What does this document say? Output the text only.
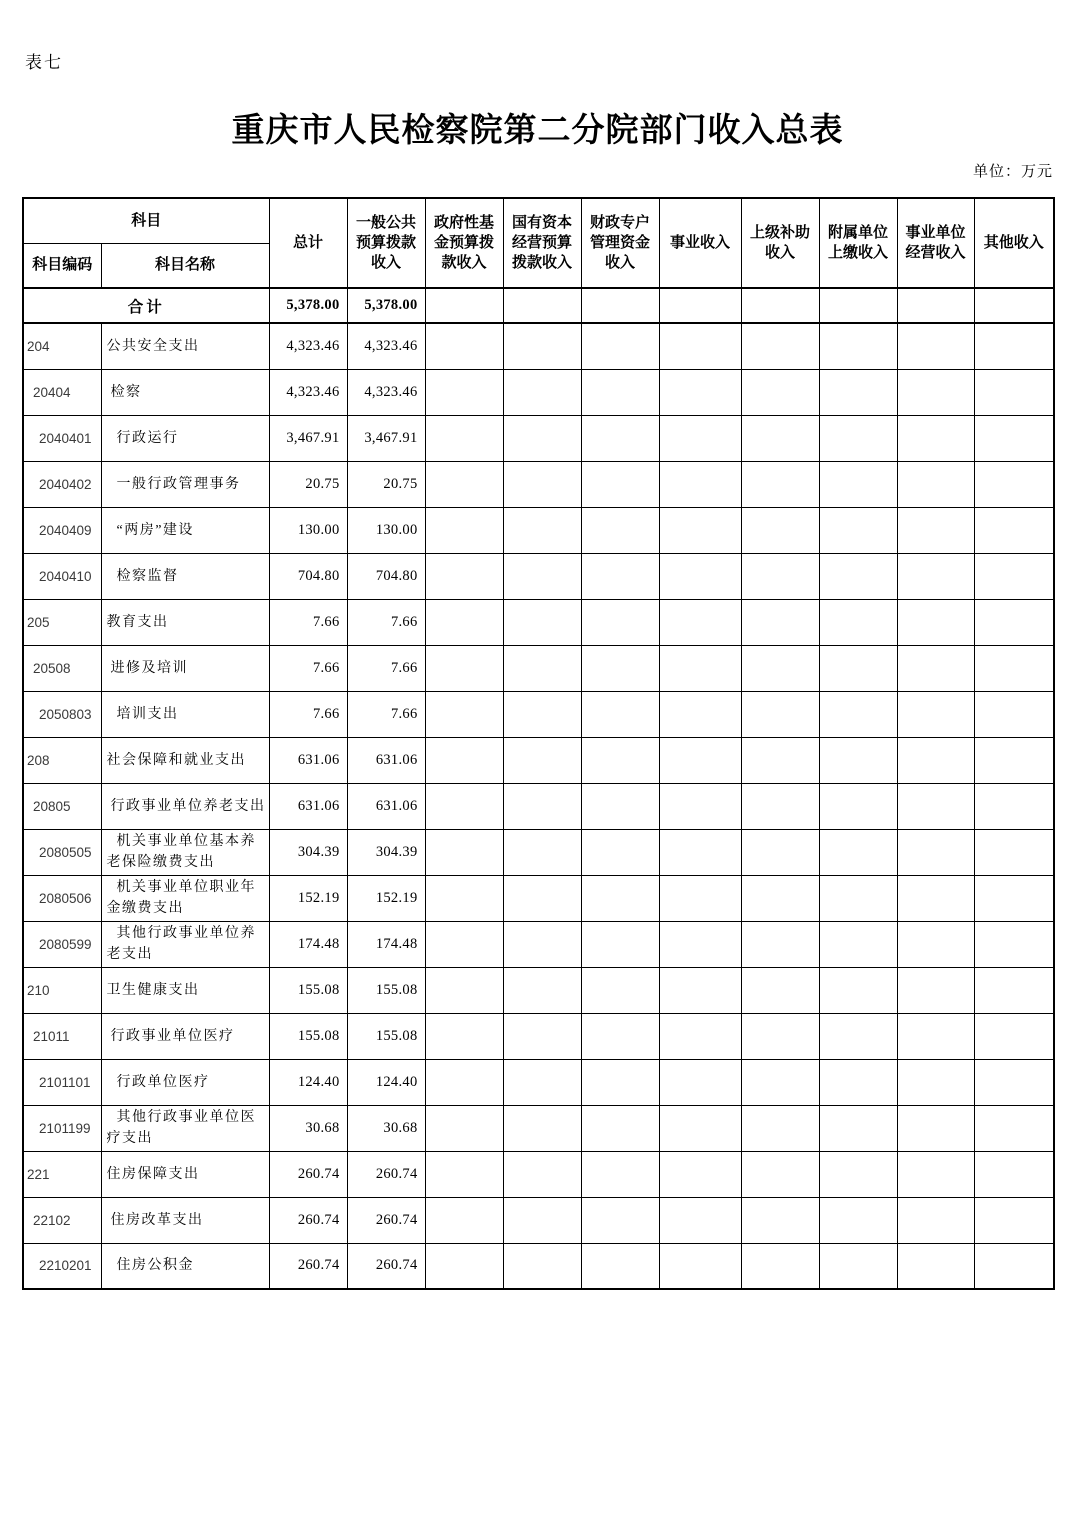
表七
重庆市人民检察院第二分院部门收入总表
单位：万元
科目		总计	一般公共预算拨款收入	政府性基金预算拨款收入	国有资本经营预算拨款收入	财政专户管理资金收入	事业收入	上级补助收入	附属单位上缴收入	事业单位经营收入	其他收入
科目编码	科目名称										
合计		5,378.00	5,378.00								
204	公共安全支出	4,323.46	4,323.46								
20404	检察	4,323.46	4,323.46								
2040401	行政运行	3,467.91	3,467.91								
2040402	一般行政管理事务	20.75	20.75								
2040409	“两房”建设	130.00	130.00								
2040410	检察监督	704.80	704.80								
205	教育支出	7.66	7.66								
20508	进修及培训	7.66	7.66								
2050803	培训支出	7.66	7.66								
208	社会保障和就业支出	631.06	631.06								
20805	行政事业单位养老支出	631.06	631.06								
2080505	机关事业单位基本养老保险缴费支出	304.39	304.39								
2080506	机关事业单位职业年金缴费支出	152.19	152.19								
2080599	其他行政事业单位养老支出	174.48	174.48								
210	卫生健康支出	155.08	155.08								
21011	行政事业单位医疗	155.08	155.08								
2101101	行政单位医疗	124.40	124.40								
2101199	其他行政事业单位医疗支出	30.68	30.68								
221	住房保障支出	260.74	260.74								
22102	住房改革支出	260.74	260.74								
2210201	住房公积金	260.74	260.74								
